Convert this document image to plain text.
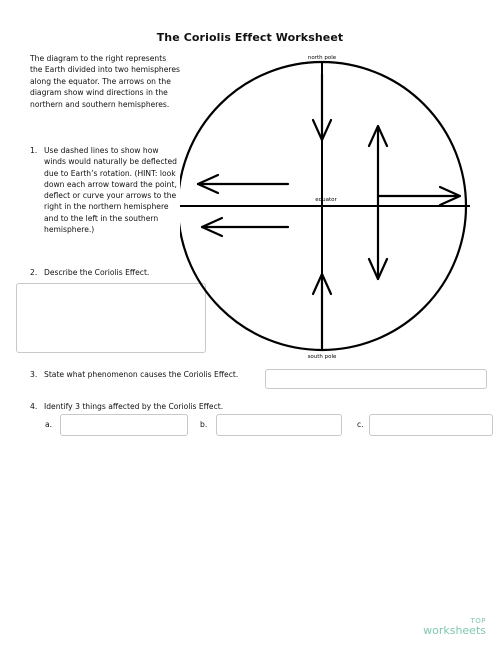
The Coriolis Effect Worksheet
The diagram to the right represents the Earth divided into two hemispheres along the equator. The arrows on the diagram show wind directions in the northern and southern hemispheres.
1. Use dashed lines to show how winds would naturally be deflected due to Earth’s rotation. (HINT: look down each arrow toward the point, deflect or curve your arrows to the right in the northern hemisphere and to the left in the southern hemisphere.)
2. Describe the Coriolis Effect.
3. State what phenomenon causes the Coriolis Effect.
4. Identify 3 things affected by the Coriolis Effect.
a.	b.	c.
north pole
south pole
equator
TOP
worksheets
